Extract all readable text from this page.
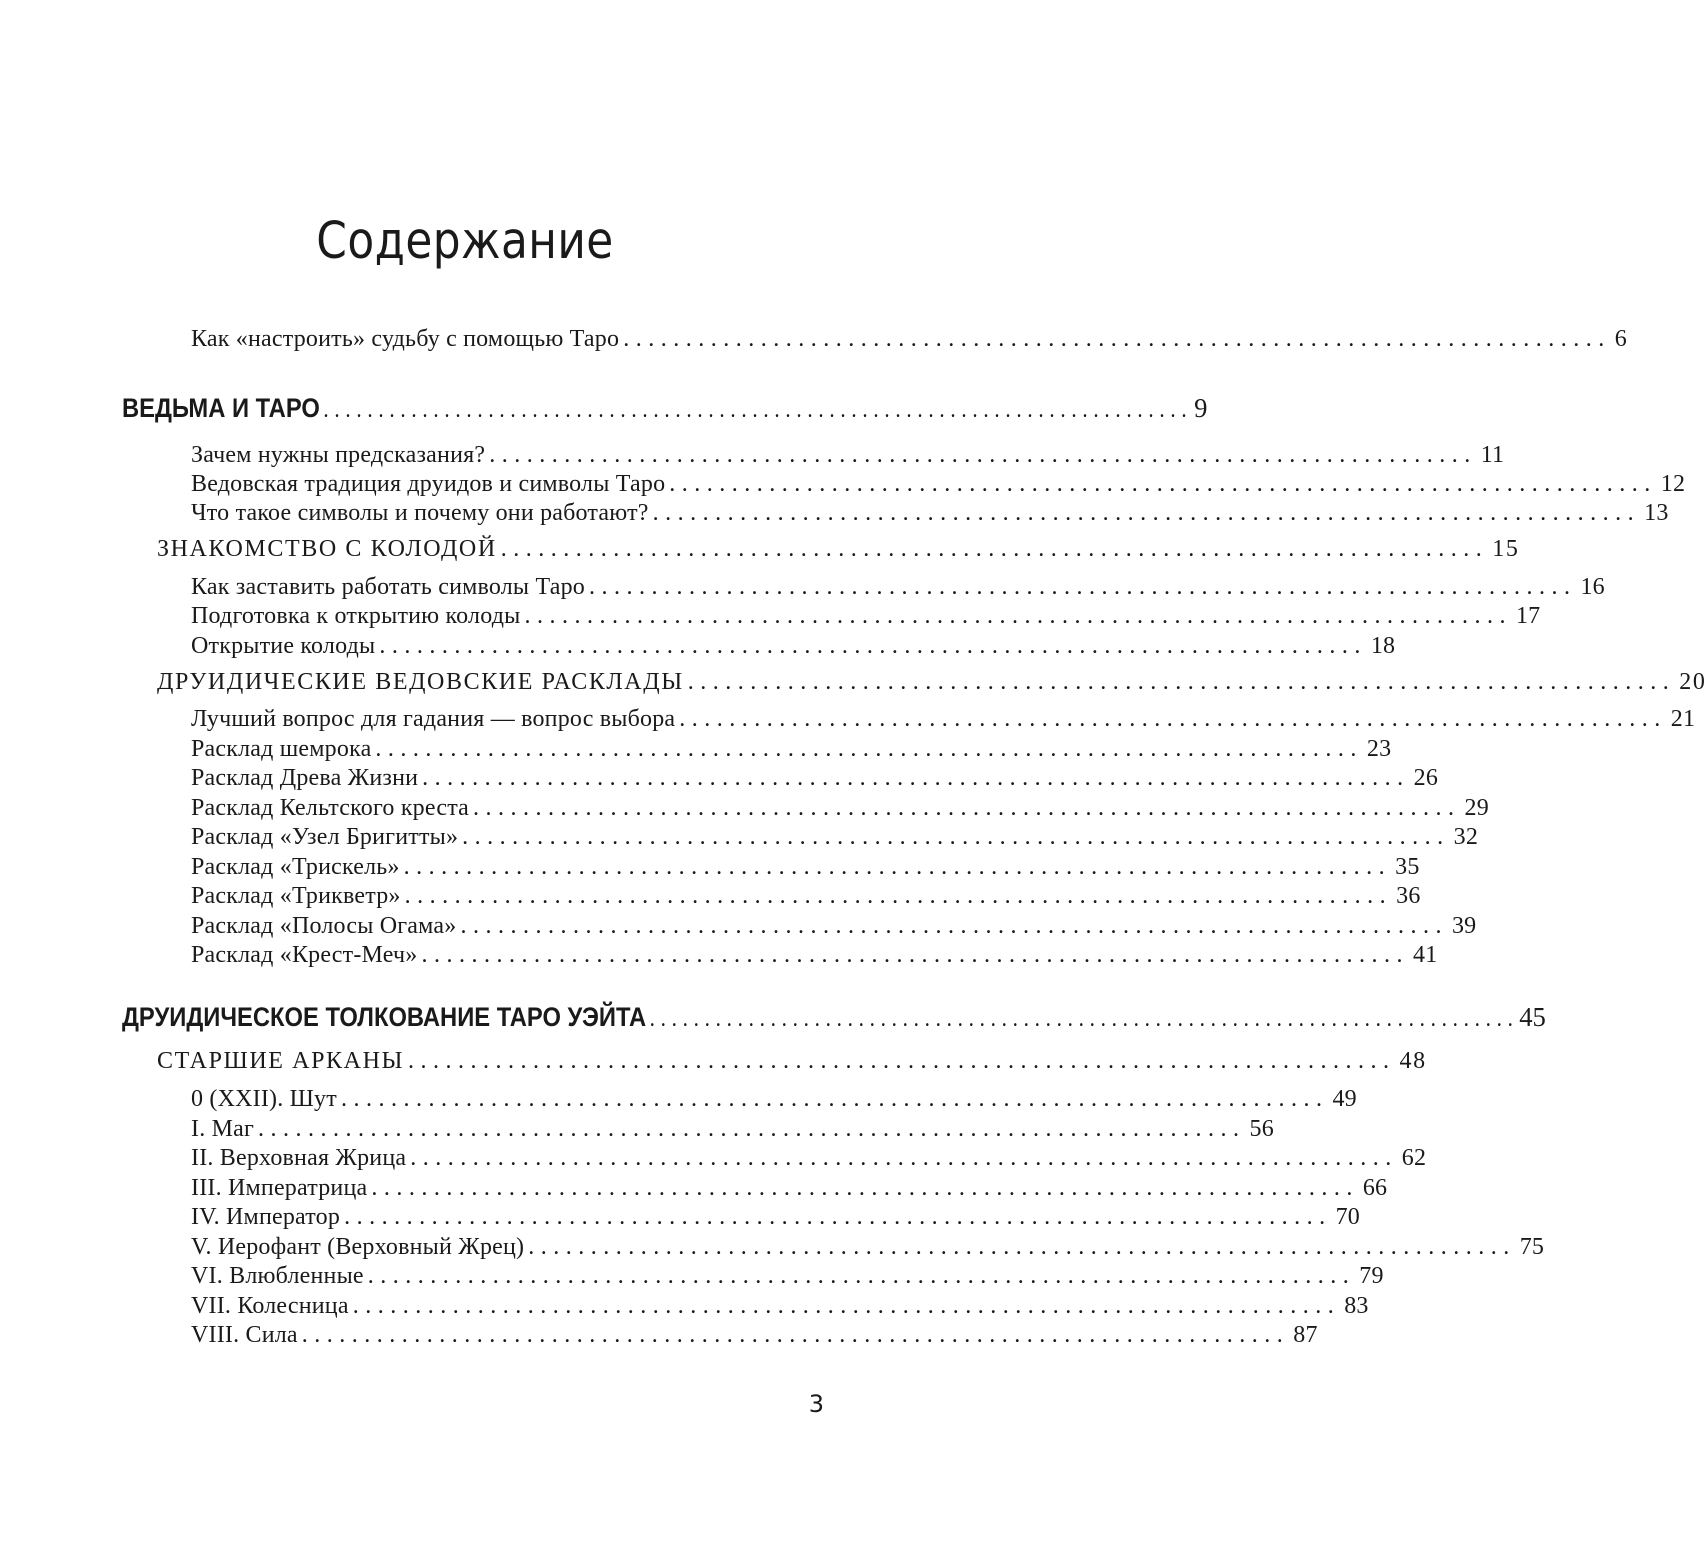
Содержание
Как «настроить» судьбу с помощью Таро ............................................................................... 6
ВЕДЬМА И ТАРО ............................................................................... 9
Зачем нужны предсказания? ............................................................................... 11
Ведовская традиция друидов и символы Таро ............................................................................... 12
Что такое символы и почему они работают? ............................................................................... 13
ЗНАКОМСТВО С КОЛОДОЙ ............................................................................... 15
Как заставить работать символы Таро ............................................................................... 16
Подготовка к открытию колоды ............................................................................... 17
Открытие колоды ............................................................................... 18
ДРУИДИЧЕСКИЕ ВЕДОВСКИЕ РАСКЛАДЫ ............................................................................... 20
Лучший вопрос для гадания — вопрос выбора ............................................................................... 21
Расклад шемрока ............................................................................... 23
Расклад Древа Жизни ............................................................................... 26
Расклад Кельтского креста ............................................................................... 29
Расклад «Узел Бригитты» ............................................................................... 32
Расклад «Трискель» ............................................................................... 35
Расклад «Трикветр» ............................................................................... 36
Расклад «Полосы Огама» ............................................................................... 39
Расклад «Крест-Меч» ............................................................................... 41
ДРУИДИЧЕСКОЕ ТОЛКОВАНИЕ ТАРО УЭЙТА ............................................................................... 45
СТАРШИЕ АРКАНЫ ............................................................................... 48
0 (XXII). Шут ............................................................................... 49
I. Маг ............................................................................... 56
II. Верховная Жрица ............................................................................... 62
III. Императрица ............................................................................... 66
IV. Император ............................................................................... 70
V. Иерофант (Верховный Жрец) ............................................................................... 75
VI. Влюбленные ............................................................................... 79
VII. Колесница ............................................................................... 83
VIII. Сила ............................................................................... 87
3
